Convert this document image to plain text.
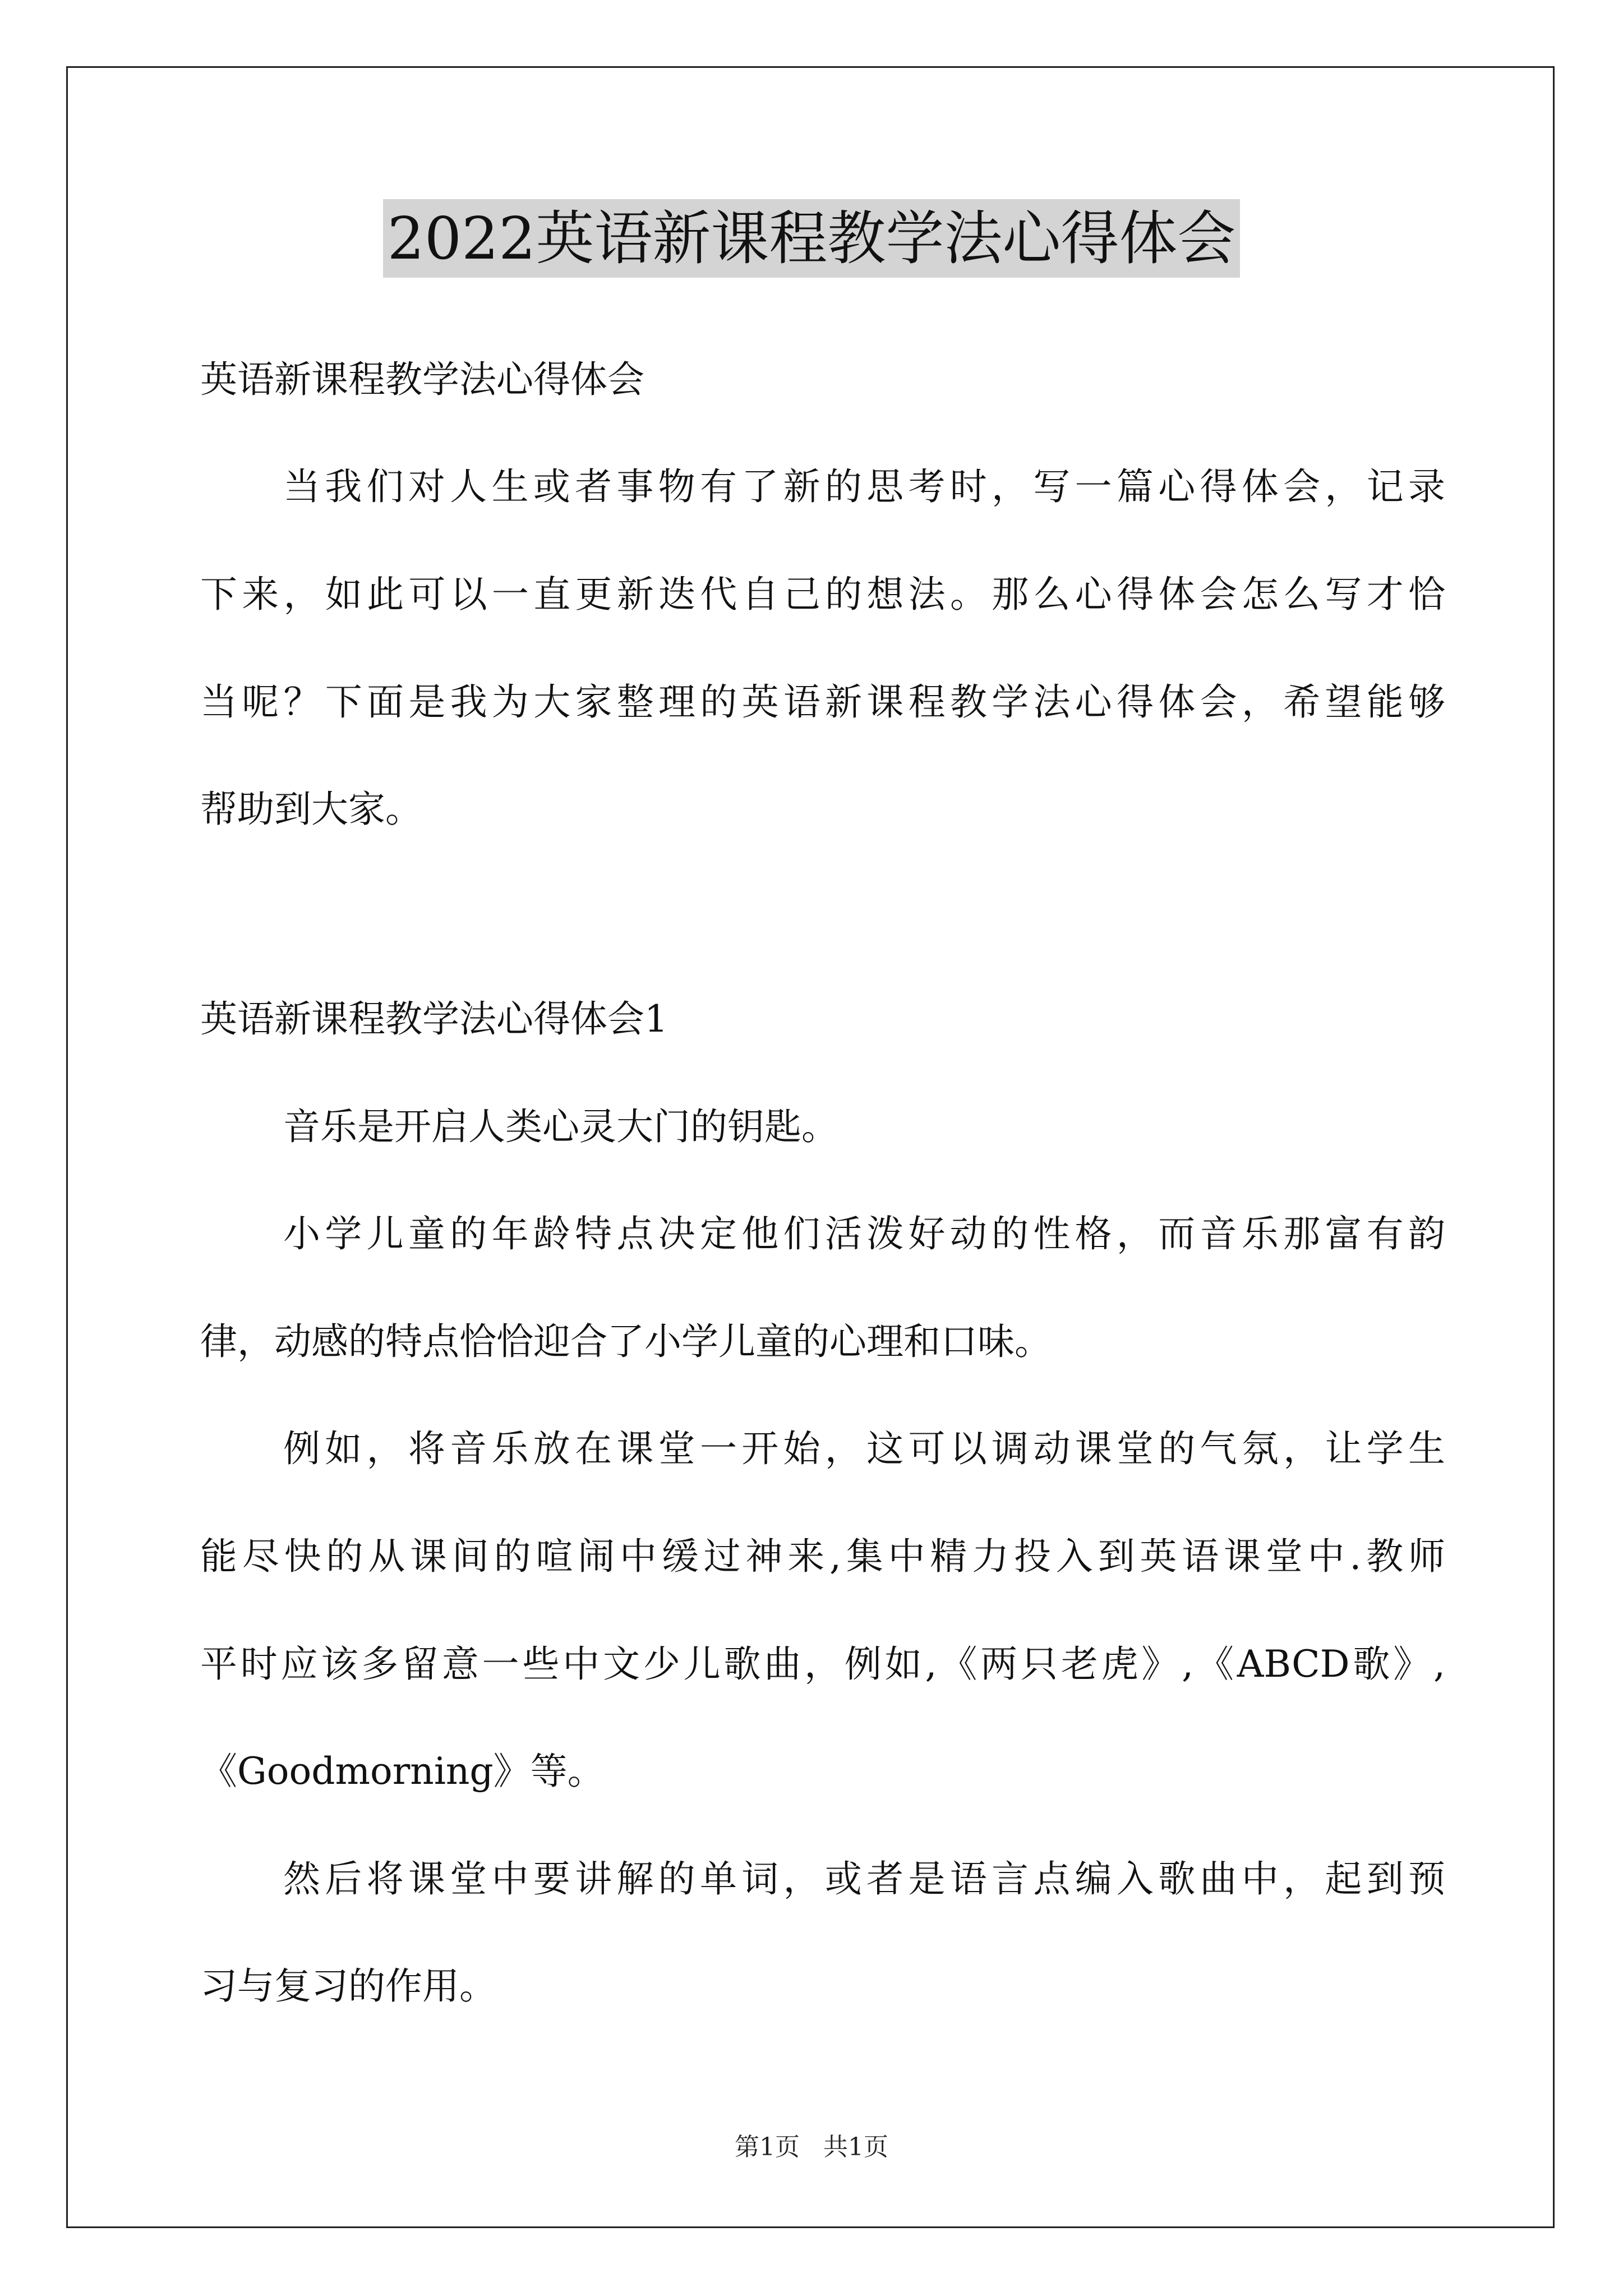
2022英语新课程教学法心得体会
英语新课程教学法心得体会
当我们对人生或者事物有了新的思考时，写一篇心得体会，记录
下来，如此可以一直更新迭代自己的想法。那么心得体会怎么写才恰
当呢？下面是我为大家整理的英语新课程教学法心得体会，希望能够
帮助到大家。
英语新课程教学法心得体会1
音乐是开启人类心灵大门的钥匙。
小学儿童的年龄特点决定他们活泼好动的性格，而音乐那富有韵
律，动感的特点恰恰迎合了小学儿童的心理和口味。
例如，将音乐放在课堂一开始，这可以调动课堂的气氛，让学生
能尽快的从课间的喧闹中缓过神来,集中精力投入到英语课堂中.教师
平时应该多留意一些中文少儿歌曲，例如,《两只老虎》,《ABCD歌》,
《Goodmorning》等。
然后将课堂中要讲解的单词，或者是语言点编入歌曲中，起到预
习与复习的作用。
第1页 共1页
